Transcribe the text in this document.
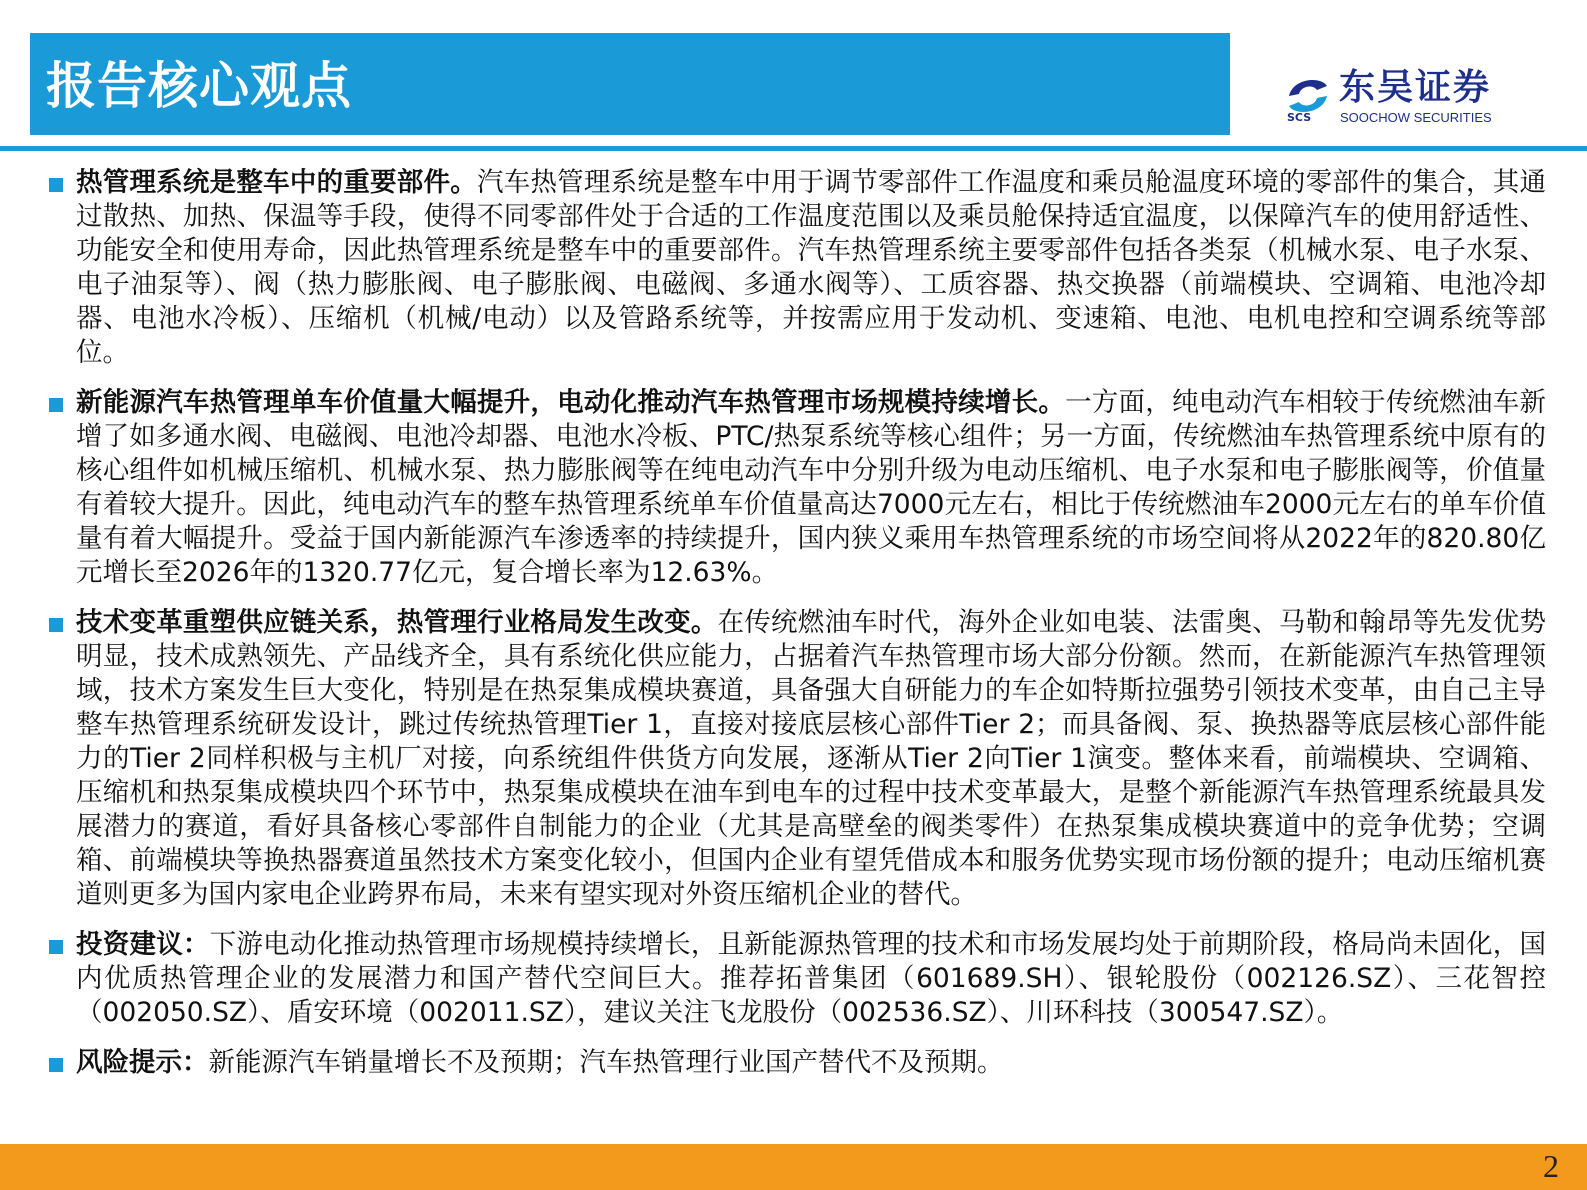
报告核心观点
SCS
东吴证券
SOOCHOW SECURITIES
热管理系统是整车中的重要部件。汽车热管理系统是整车中用于调节零部件工作温度和乘员舱温度环境的零部件的集合，其通过散热、加热、保温等手段，使得不同零部件处于合适的工作温度范围以及乘员舱保持适宜温度，以保障汽车的使用舒适性、功能安全和使用寿命，因此热管理系统是整车中的重要部件。汽车热管理系统主要零部件包括各类泵（机械水泵、电子水泵、电子油泵等）、阀（热力膨胀阀、电子膨胀阀、电磁阀、多通水阀等）、工质容器、热交换器（前端模块、空调箱、电池冷却器、电池水冷板）、压缩机（机械/电动）以及管路系统等，并按需应用于发动机、变速箱、电池、电机电控和空调系统等部位。
新能源汽车热管理单车价值量大幅提升，电动化推动汽车热管理市场规模持续增长。一方面，纯电动汽车相较于传统燃油车新增了如多通水阀、电磁阀、电池冷却器、电池水冷板、PTC/热泵系统等核心组件；另一方面，传统燃油车热管理系统中原有的核心组件如机械压缩机、机械水泵、热力膨胀阀等在纯电动汽车中分别升级为电动压缩机、电子水泵和电子膨胀阀等，价值量有着较大提升。因此，纯电动汽车的整车热管理系统单车价值量高达7000元左右，相比于传统燃油车2000元左右的单车价值量有着大幅提升。受益于国内新能源汽车渗透率的持续提升，国内狭义乘用车热管理系统的市场空间将从2022年的820.80亿元增长至2026年的1320.77亿元，复合增长率为12.63%。
技术变革重塑供应链关系，热管理行业格局发生改变。在传统燃油车时代，海外企业如电装、法雷奥、马勒和翰昂等先发优势明显，技术成熟领先、产品线齐全，具有系统化供应能力，占据着汽车热管理市场大部分份额。然而，在新能源汽车热管理领域，技术方案发生巨大变化，特别是在热泵集成模块赛道，具备强大自研能力的车企如特斯拉强势引领技术变革，由自己主导整车热管理系统研发设计，跳过传统热管理Tier 1，直接对接底层核心部件Tier 2；而具备阀、泵、换热器等底层核心部件能力的Tier 2同样积极与主机厂对接，向系统组件供货方向发展，逐渐从Tier 2向Tier 1演变。整体来看，前端模块、空调箱、压缩机和热泵集成模块四个环节中，热泵集成模块在油车到电车的过程中技术变革最大，是整个新能源汽车热管理系统最具发展潜力的赛道，看好具备核心零部件自制能力的企业（尤其是高壁垒的阀类零件）在热泵集成模块赛道中的竞争优势；空调箱、前端模块等换热器赛道虽然技术方案变化较小，但国内企业有望凭借成本和服务优势实现市场份额的提升；电动压缩机赛道则更多为国内家电企业跨界布局，未来有望实现对外资压缩机企业的替代。
投资建议：下游电动化推动热管理市场规模持续增长，且新能源热管理的技术和市场发展均处于前期阶段，格局尚未固化，国内优质热管理企业的发展潜力和国产替代空间巨大。推荐拓普集团（601689.SH）、银轮股份（002126.SZ）、三花智控（002050.SZ）、盾安环境（002011.SZ），建议关注飞龙股份（002536.SZ）、川环科技（300547.SZ）。
风险提示：新能源汽车销量增长不及预期；汽车热管理行业国产替代不及预期。
2
